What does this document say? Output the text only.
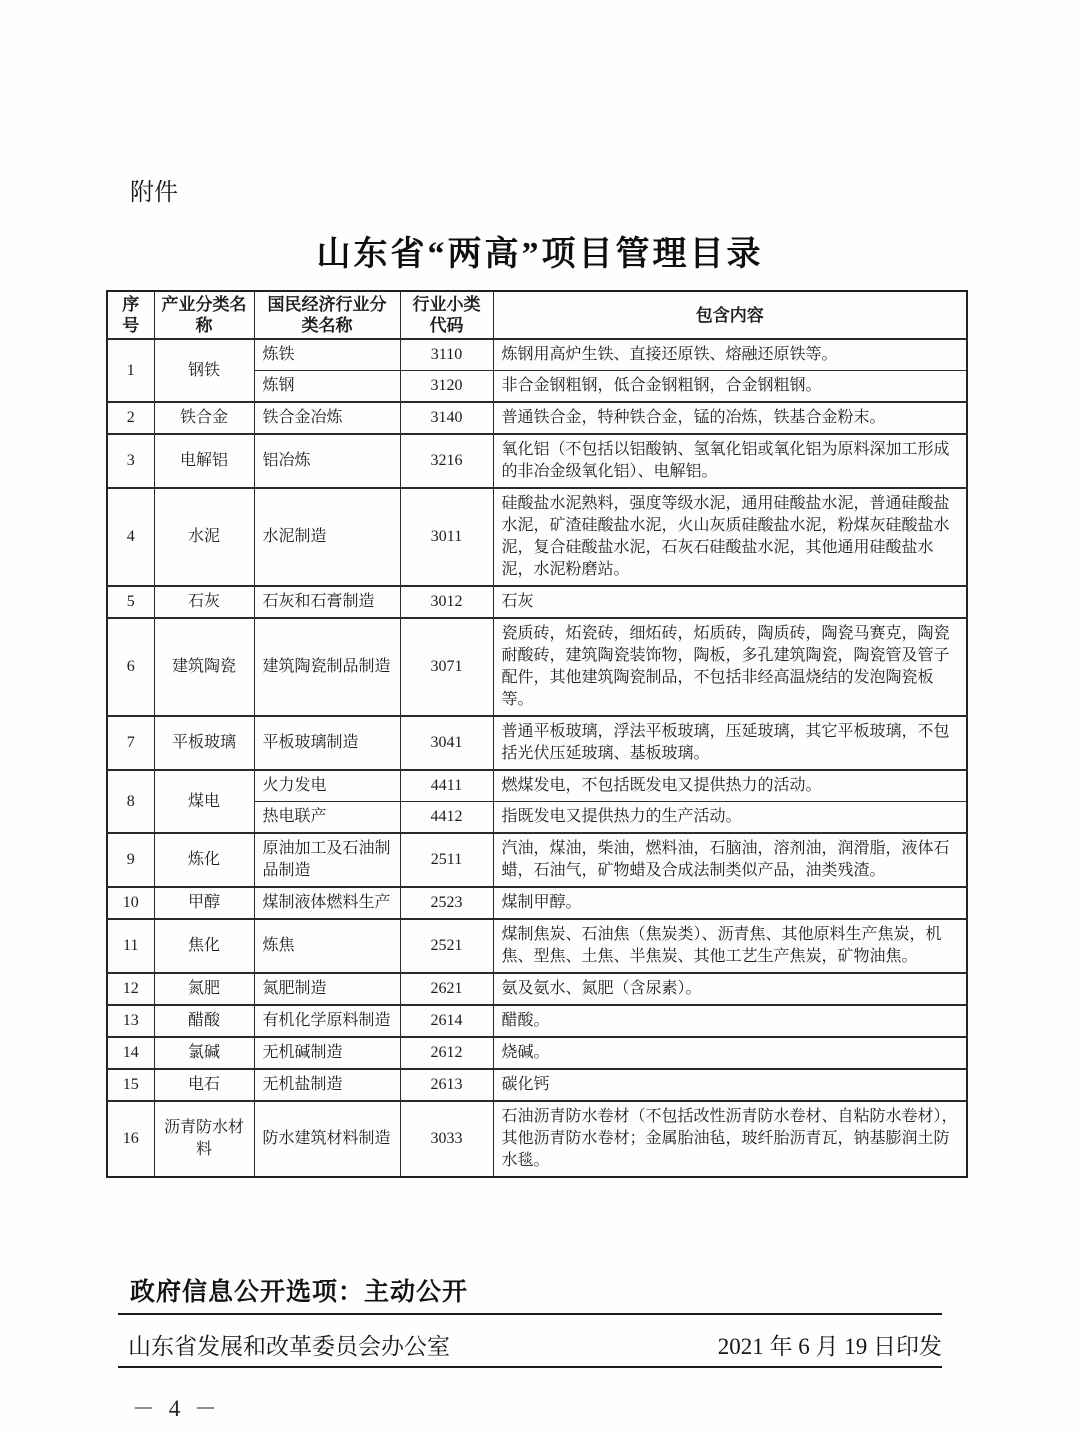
附件
山东省“两高”项目管理目录
序号	产业分类名称	国民经济行业分类名称	行业小类代码	包含内容
1	钢铁	炼铁	3110	炼钢用高炉生铁、直接还原铁、熔融还原铁等。
		炼钢	3120	非合金钢粗钢，低合金钢粗钢，合金钢粗钢。
2	铁合金	铁合金冶炼	3140	普通铁合金，特种铁合金，锰的冶炼，铁基合金粉末。
3	电解铝	铝冶炼	3216	氧化铝（不包括以铝酸钠、氢氧化铝或氧化铝为原料深加工形成的非冶金级氧化铝）、电解铝。
4	水泥	水泥制造	3011	硅酸盐水泥熟料，强度等级水泥，通用硅酸盐水泥，普通硅酸盐水泥，矿渣硅酸盐水泥，火山灰质硅酸盐水泥，粉煤灰硅酸盐水泥，复合硅酸盐水泥，石灰石硅酸盐水泥，其他通用硅酸盐水泥，水泥粉磨站。
5	石灰	石灰和石膏制造	3012	石灰
6	建筑陶瓷	建筑陶瓷制品制造	3071	瓷质砖，炻瓷砖，细炻砖，炻质砖，陶质砖，陶瓷马赛克，陶瓷耐酸砖，建筑陶瓷装饰物，陶板，多孔建筑陶瓷，陶瓷管及管子配件，其他建筑陶瓷制品，不包括非经高温烧结的发泡陶瓷板等。
7	平板玻璃	平板玻璃制造	3041	普通平板玻璃，浮法平板玻璃，压延玻璃，其它平板玻璃，不包括光伏压延玻璃、基板玻璃。
8	煤电	火力发电	4411	燃煤发电，不包括既发电又提供热力的活动。
		热电联产	4412	指既发电又提供热力的生产活动。
9	炼化	原油加工及石油制品制造	2511	汽油，煤油，柴油，燃料油，石脑油，溶剂油，润滑脂，液体石蜡，石油气，矿物蜡及合成法制类似产品，油类残渣。
10	甲醇	煤制液体燃料生产	2523	煤制甲醇。
11	焦化	炼焦	2521	煤制焦炭、石油焦（焦炭类）、沥青焦、其他原料生产焦炭，机焦、型焦、土焦、半焦炭、其他工艺生产焦炭，矿物油焦。
12	氮肥	氮肥制造	2621	氨及氨水、氮肥（含尿素）。
13	醋酸	有机化学原料制造	2614	醋酸。
14	氯碱	无机碱制造	2612	烧碱。
15	电石	无机盐制造	2613	碳化钙
16	沥青防水材料	防水建筑材料制造	3033	石油沥青防水卷材（不包括改性沥青防水卷材、自粘防水卷材），其他沥青防水卷材；金属胎油毡，玻纤胎沥青瓦，钠基膨润土防水毯。
政府信息公开选项：主动公开
山东省发展和改革委员会办公室	2021 年 6 月 19 日印发
－ 4 －
